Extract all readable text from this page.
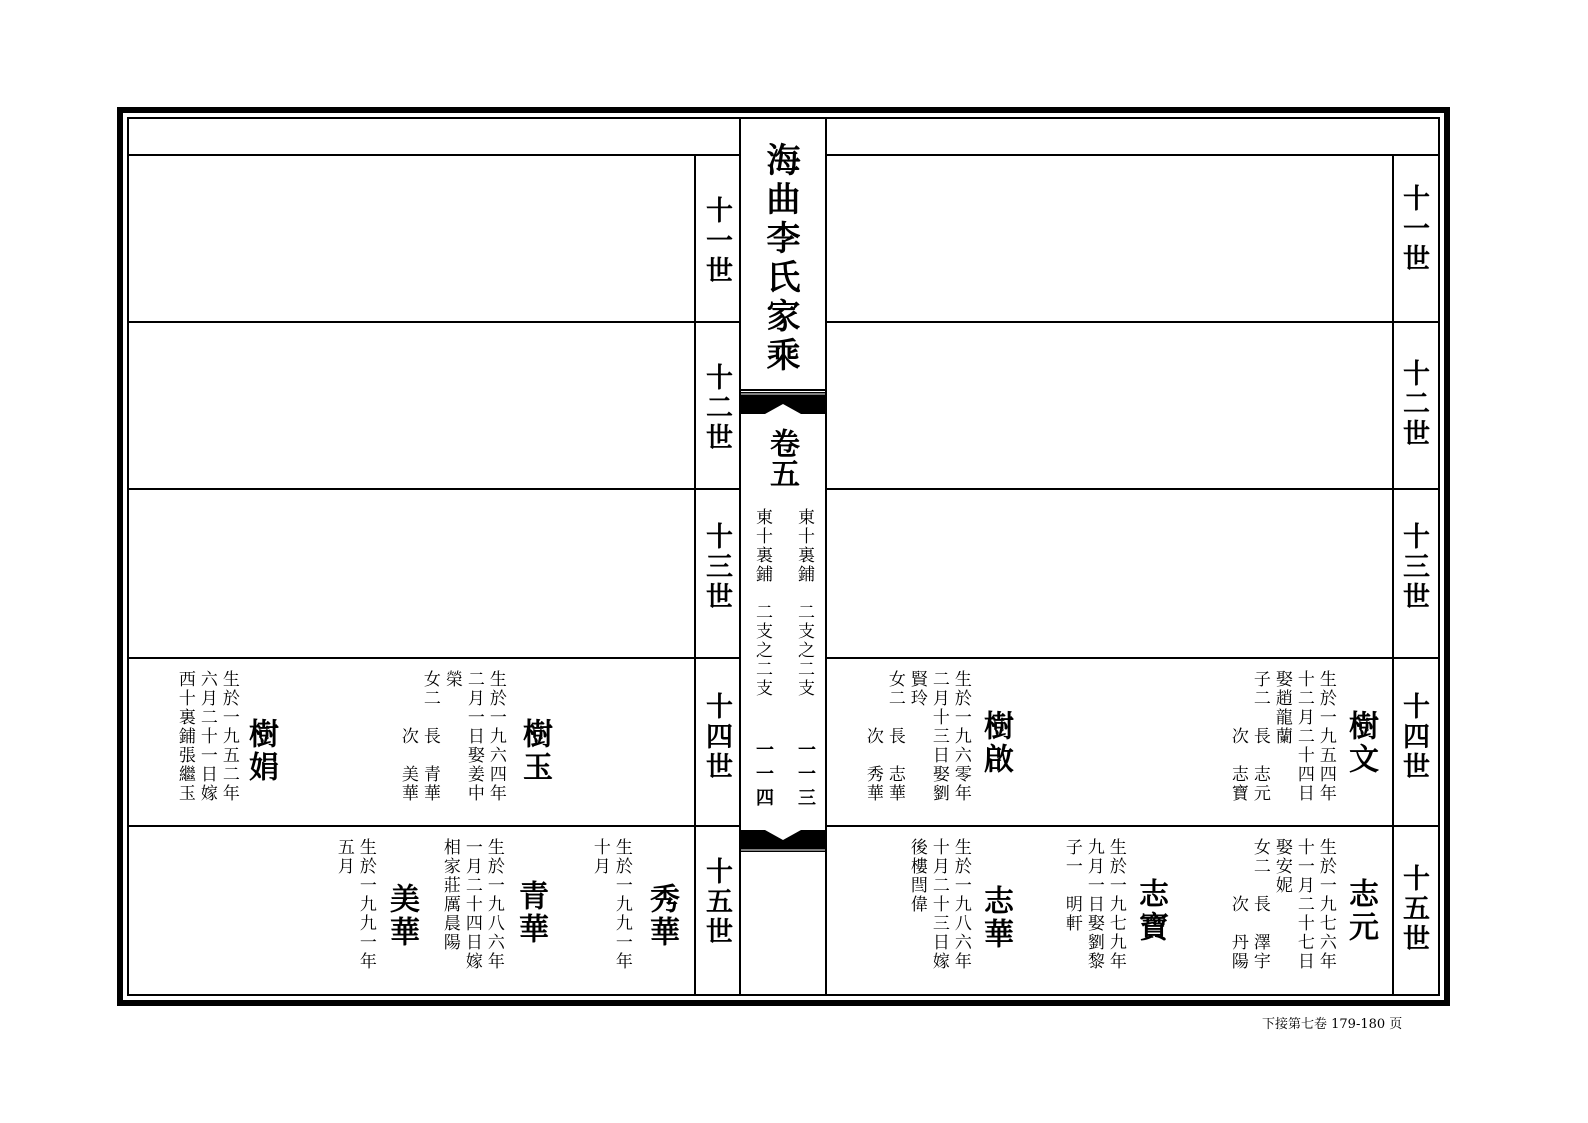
海曲李氏家乘
卷五
東十裏鋪　二支之二支
東十裏鋪　二支之二支
一一三
一一四
十一世
十二世
十三世
十四世
十五世
十一世
十二世
十三世
十四世
十五世
樹文
生於一九五四年
十二月二十四日
娶趙龍蘭
子二　長　志元
　　　次　志寶
樹啟
生於一九六零年
二月十三日娶劉
賢玲
女二　長　志華
　　　次　秀華
志元
生於一九七六年
十一月二十七日
娶安妮
女二　長　澤宇
　　　次　丹陽
志寶
生於一九七九年
九月一日娶劉黎
子一　明軒
志華
生於一九八六年
十月二十三日嫁
後樓閆偉
樹玉
生於一九六四年
二月一日娶姜中
榮
女二　長　青華
　　　次　美華
樹娟
生於一九五二年
六月二十一日嫁
西十裏鋪張繼玉
秀華
生於一九九一年
十月
青華
生於一九八六年
一月二十四日嫁
相家莊厲晨陽
美華
生於一九九一年
五月
下接第七卷 179-180 页
